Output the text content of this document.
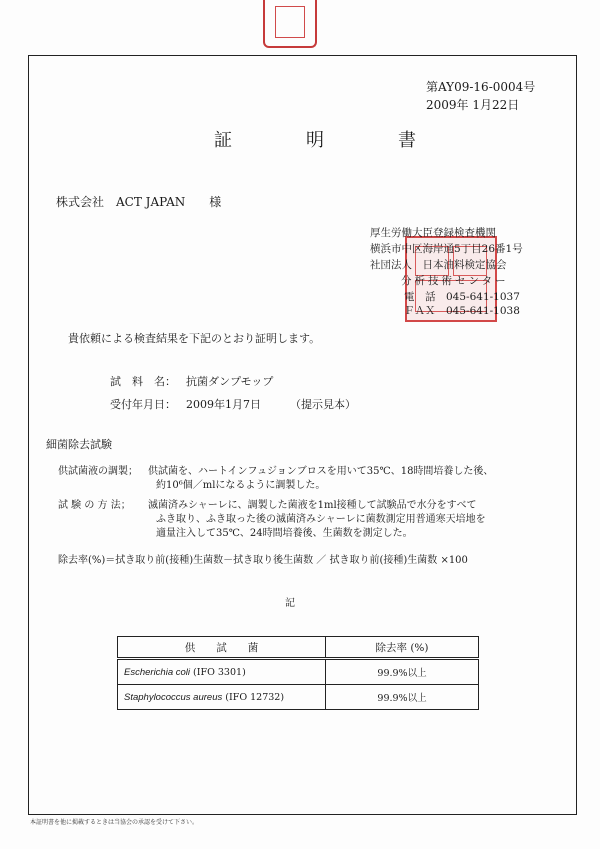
第AY09-16-0004号
2009年 1月22日
証　明　書
株式会社　ACT JAPAN　　様
厚生労働大臣登録検査機関
横浜市中区海岸通5丁目26番1号
社団法人　日本油料検定協会
分析技術センター
電　話　045-641-1037
ＦＡＸ　045-641-1038
貴依頼による検査結果を下記のとおり証明します。
試　料　名： 抗菌ダンプモップ
受付年月日： 2009年1月7日	（提示見本）
細菌除去試験
供試菌液の調製； 供試菌を、ハートインフュジョンブロスを用いて35℃、18時間培養した後、
約10⁶個／mlになるように調製した。
試 験 の 方 法； 滅菌済みシャーレに、調製した菌液を1ml接種して試験品で水分をすべて
ふき取り、ふき取った後の滅菌済みシャーレに菌数測定用普通寒天培地を
適量注入して35℃、24時間培養後、生菌数を測定した。
除去率(%)＝拭き取り前(接種)生菌数－拭き取り後生菌数 ／ 拭き取り前(接種)生菌数 ×100
記
供　　試　　菌	除去率 (%)
Escherichia coli (IFO 3301)	99.9%以上
Staphylococcus aureus (IFO 12732)	99.9%以上
本証明書を他に掲載するときは当協会の承認を受けて下さい。
